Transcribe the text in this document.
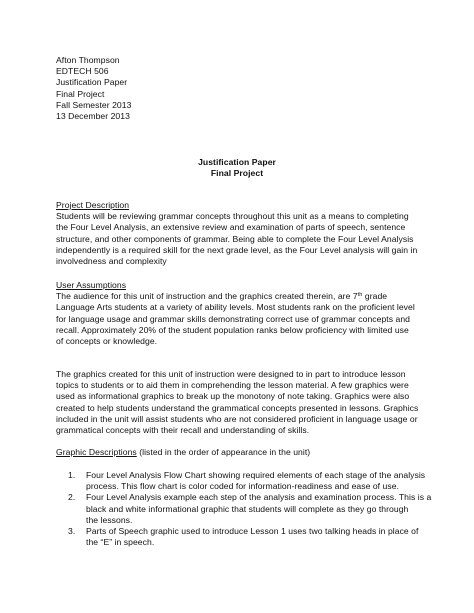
Afton Thompson
EDTECH 506
Justification Paper
Final Project
Fall Semester 2013
13 December 2013
Justification Paper
Final Project
Project Description
Students will be reviewing grammar concepts throughout this unit as a means to completing
the Four Level Analysis, an extensive review and examination of parts of speech, sentence
structure, and other components of grammar. Being able to complete the Four Level Analysis
independently is a required skill for the next grade level, as the Four Level analysis will gain in
involvedness and complexity
User Assumptions
The audience for this unit of instruction and the graphics created therein, are 7th grade
Language Arts students at a variety of ability levels. Most students rank on the proficient level
for language usage and grammar skills demonstrating correct use of grammar concepts and
recall. Approximately 20% of the student population ranks below proficiency with limited use
of concepts or knowledge.
The graphics created for this unit of instruction were designed to in part to introduce lesson
topics to students or to aid them in comprehending the lesson material. A few graphics were
used as informational graphics to break up the monotony of note taking. Graphics were also
created to help students understand the grammatical concepts presented in lessons. Graphics
included in the unit will assist students who are not considered proficient in language usage or
grammatical concepts with their recall and understanding of skills.
Graphic Descriptions (listed in the order of appearance in the unit)
1. Four Level Analysis Flow Chart showing required elements of each stage of the analysis
process. This flow chart is color coded for information-readiness and ease of use.
2. Four Level Analysis example each step of the analysis and examination process. This is a
black and white informational graphic that students will complete as they go through
the lessons.
3. Parts of Speech graphic used to introduce Lesson 1 uses two talking heads in place of
the “E” in speech.
